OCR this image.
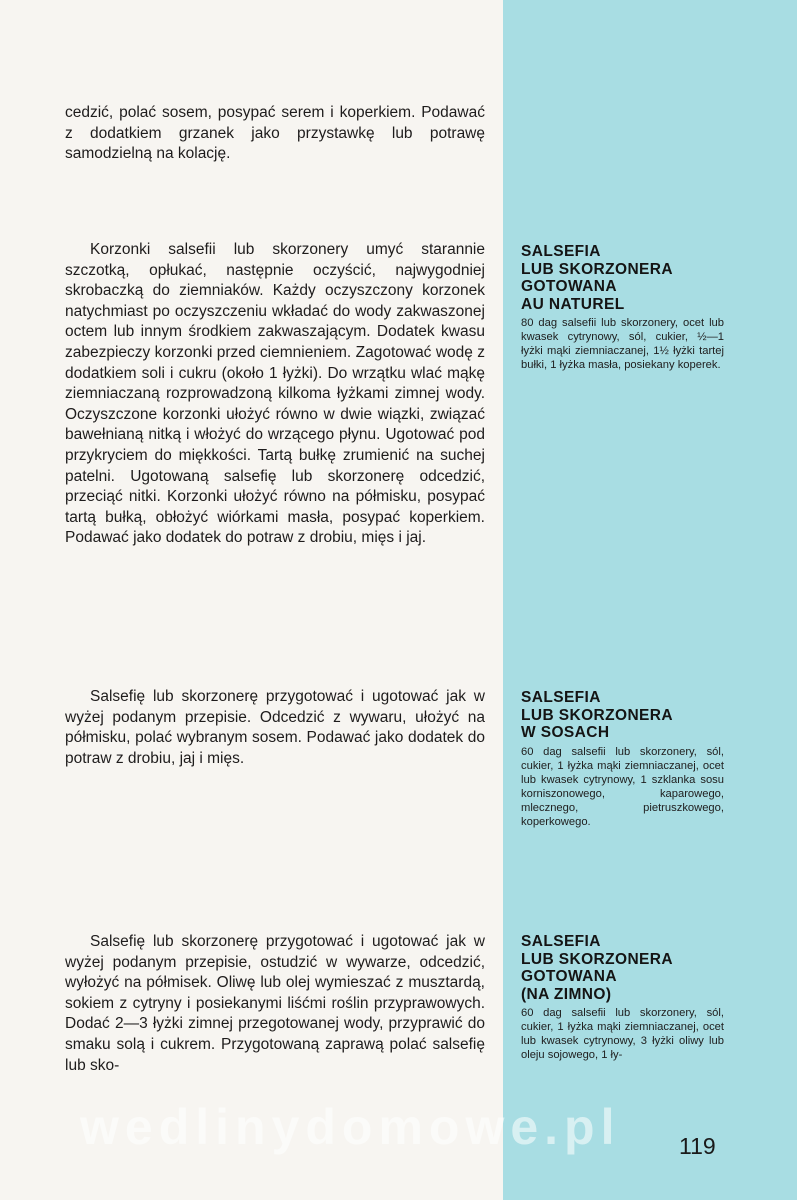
cedzić, polać sosem, posypać serem i koperkiem. Podawać z dodatkiem grzanek jako przystawkę lub potrawę samodzielną na kolację.

Korzonki salsefii lub skorzonery umyć starannie szczotką, opłukać, następnie oczyścić, najwygodniej skrobaczką do ziemniaków. Każdy oczyszczony korzonek natychmiast po oczyszczeniu wkładać do wody zakwaszonej octem lub innym środkiem zakwaszającym. Dodatek kwasu zabezpieczy korzonki przed ciemnieniem. Zagotować wodę z dodatkiem soli i cukru (około 1 łyżki). Do wrzątku wlać mąkę ziemniaczaną rozprowadzoną kilkoma łyżkami zimnej wody. Oczyszczone korzonki ułożyć równo w dwie wiązki, związać bawełnianą nitką i włożyć do wrzącego płynu. Ugotować pod przykryciem do miękkości. Tartą bułkę zrumienić na suchej patelni. Ugotowaną salsefię lub skorzonerę odcedzić, przeciąć nitki. Korzonki ułożyć równo na półmisku, posypać tartą bułką, obłożyć wiórkami masła, posypać koperkiem. Podawać jako dodatek do potraw z drobiu, mięs i jaj.

Salsefię lub skorzonerę przygotować i ugotować jak w wyżej podanym przepisie. Odcedzić z wywaru, ułożyć na półmisku, polać wybranym sosem. Podawać jako dodatek do potraw z drobiu, jaj i mięs.

Salsefię lub skorzonerę przygotować i ugotować jak w wyżej podanym przepisie, ostudzić w wywarze, odcedzić, wyłożyć na półmisek. Oliwę lub olej wymieszać z musztardą, sokiem z cytryny i posiekanymi liśćmi roślin przyprawowych. Dodać 2—3 łyżki zimnej przegotowanej wody, przyprawić do smaku solą i cukrem. Przygotowaną zaprawą polać salsefię lub sko-

SALSEFIA
LUB SKORZONERA
GOTOWANA
AU NATUREL

80 dag salsefii lub skorzonery, ocet lub kwasek cytrynowy, sól, cukier, ½—1 łyżki mąki ziemniaczanej, 1½ łyżki tartej bułki, 1 łyżka masła, posiekany koperek.

SALSEFIA
LUB SKORZONERA
W SOSACH

60 dag salsefii lub skorzonery, sól, cukier, 1 łyżka mąki ziemniaczanej, ocet lub kwasek cytrynowy, 1 szklanka sosu korniszonowego, kaparowego, mlecznego, pietruszkowego, koperkowego.

SALSEFIA
LUB SKORZONERA
GOTOWANA
(NA ZIMNO)

60 dag salsefii lub skorzonery, sól, cukier, 1 łyżka mąki ziemniaczanej, ocet lub kwasek cytrynowy, 3 łyżki oliwy lub oleju sojowego, 1 ły-

wedlinydomowe.pl	119
